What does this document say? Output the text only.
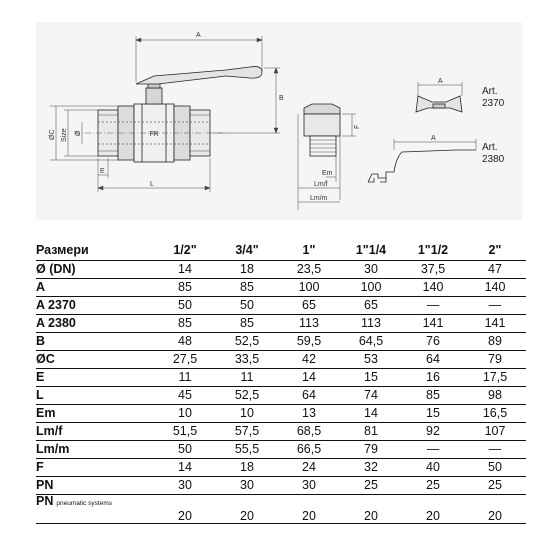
FR
A
B
ØC Size Ø
E
L
F
Em
Lm/f
Lm/m
A
Art.
2370
A
Art.
2380
Размери	1/2"	3/4"	1"	1"1/4	1"1/2	2"
Ø (DN)	14	18	23,5	30	37,5	47
A	85	85	100	100	140	140
A 2370	50	50	65	65	—	—
A 2380	85	85	113	113	141	141
B	48	52,5	59,5	64,5	76	89
ØC	27,5	33,5	42	53	64	79
E	11	11	14	15	16	17,5
L	45	52,5	64	74	85	98
Em	10	10	13	14	15	16,5
Lm/f	51,5	57,5	68,5	81	92	107
Lm/m	50	55,5	66,5	79	—	—
F	14	18	24	32	40	50
PN	30	30	30	25	25	25
PN pneumatic systems	20	20	20	20	20	20
